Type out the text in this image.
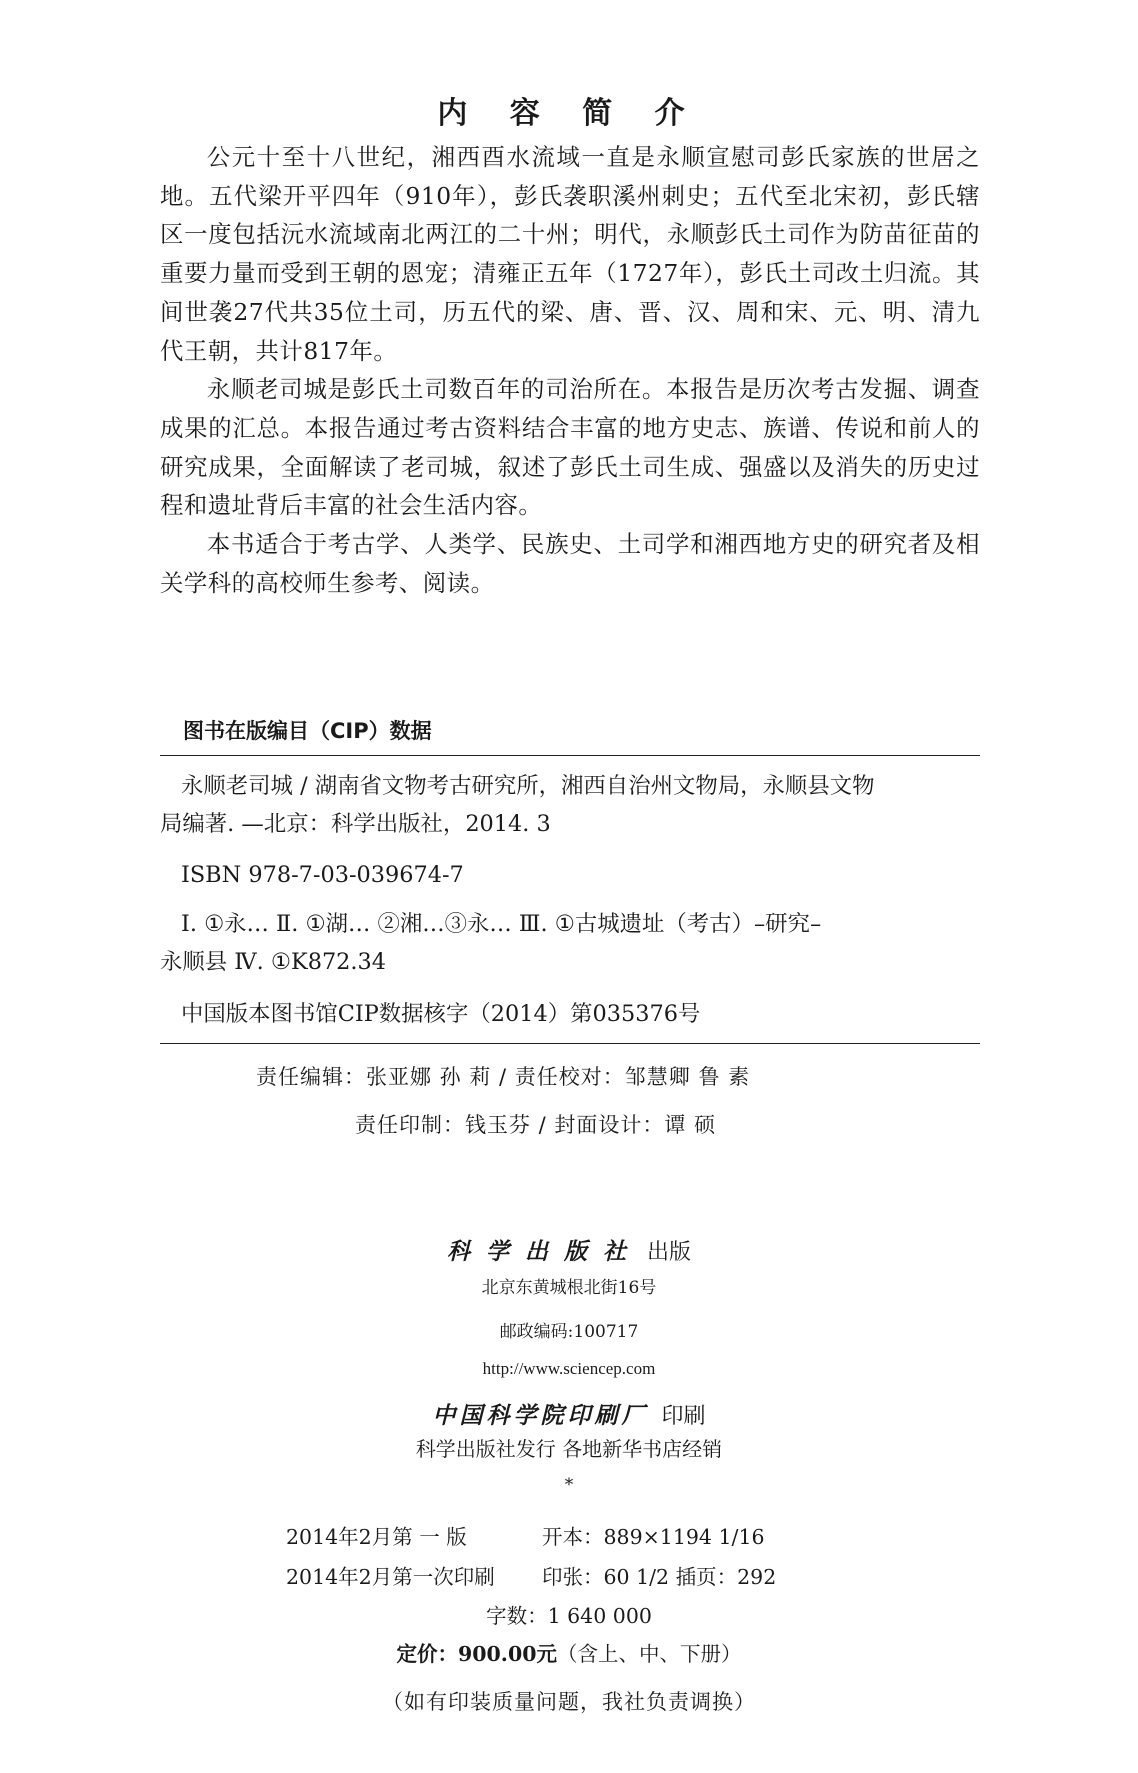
内 容 简 介

公元十至十八世纪，湘西酉水流域一直是永顺宣慰司彭氏家族的世居之地。五代梁开平四年（910年），彭氏袭职溪州刺史；五代至北宋初，彭氏辖区一度包括沅水流域南北两江的二十州；明代，永顺彭氏土司作为防苗征苗的重要力量而受到王朝的恩宠；清雍正五年（1727年），彭氏土司改土归流。其间世袭27代共35位土司，历五代的梁、唐、晋、汉、周和宋、元、明、清九代王朝，共计817年。

永顺老司城是彭氏土司数百年的司治所在。本报告是历次考古发掘、调查成果的汇总。本报告通过考古资料结合丰富的地方史志、族谱、传说和前人的研究成果，全面解读了老司城，叙述了彭氏土司生成、强盛以及消失的历史过程和遗址背后丰富的社会生活内容。

本书适合于考古学、人类学、民族史、土司学和湘西地方史的研究者及相关学科的高校师生参考、阅读。

图书在版编目（CIP）数据
永顺老司城 / 湖南省文物考古研究所，湘西自治州文物局，永顺县文物
局编著. —北京：科学出版社，2014. 3
ISBN 978-7-03-039674-7
Ⅰ. ①永… Ⅱ. ①湖… ②湘…③永… Ⅲ. ①古城遗址（考古）–研究–
永顺县 Ⅳ. ①K872.34
中国版本图书馆CIP数据核字（2014）第035376号
责任编辑：张亚娜 孙 莉 / 责任校对：邹慧卿 鲁 素
责任印制：钱玉芬 / 封面设计：谭 硕
科学出版社 出版
北京东黄城根北街16号
邮政编码:100717
http://www.sciencep.com
中国科学院印刷厂 印刷
科学出版社发行 各地新华书店经销
*
2014年2月第 一 版	开本：889×1194 1/16
2014年2月第一次印刷 印张：60 1/2 插页：292
字数：1 640 000
定价：900.00元（含上、中、下册）
（如有印装质量问题，我社负责调换）
